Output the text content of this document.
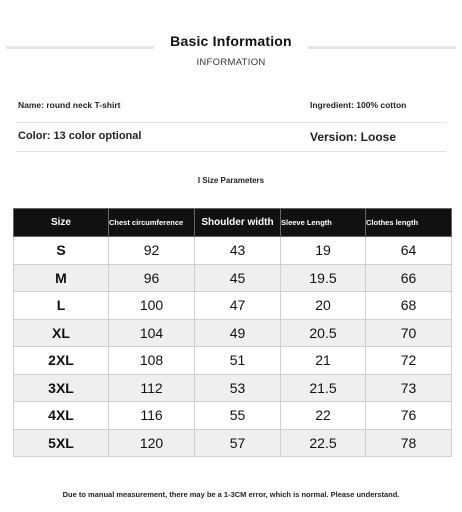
Basic Information
INFORMATION
Name: round neck T-shirt	Ingredient: 100% cotton
Color: 13 color optional	Version: Loose
I Size Parameters
Size	Chest circumference	Shoulder width	Sleeve Length	Clothes length
S	92	43	19	64
M	96	45	19.5	66
L	100	47	20	68
XL	104	49	20.5	70
2XL	108	51	21	72
3XL	112	53	21.5	73
4XL	116	55	22	76
5XL	120	57	22.5	78
Due to manual measurement, there may be a 1-3CM error, which is normal. Please understand.
